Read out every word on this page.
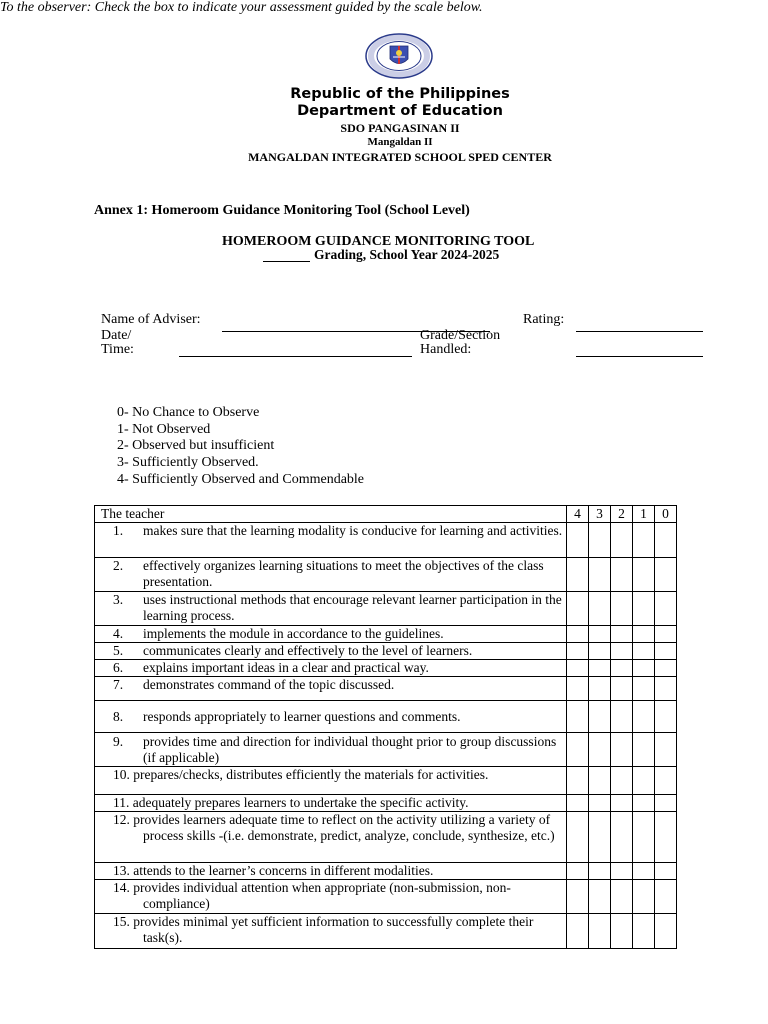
Republic of the Philippines
Department of Education
SDO PANGASINAN II
Mangaldan II
MANGALDAN INTEGRATED SCHOOL SPED CENTER
Annex 1: Homeroom Guidance Monitoring Tool (School Level)
HOMEROOM GUIDANCE MONITORING TOOL
Grading, School Year 2024-2025
Name of Adviser:	Rating:
Date/
Time:
Grade/Section
Handled:
To the observer: Check the box to indicate your assessment guided by the scale below.
0- No Chance to Observe
1- Not Observed
2- Observed but insufficient
3- Sufficiently Observed.
4- Sufficiently Observed and Commendable
The teacher	4	3	2	1	0

1. makes sure that the learning modality is conducive for learning and activities.					

2. effectively organizes learning situations to meet the objectives of the class presentation.					

3. uses instructional methods that encourage relevant learner participation in the learning process.					

4. implements the module in accordance to the guidelines.					

5. communicates clearly and effectively to the level of learners.					

6. explains important ideas in a clear and practical way.					

7. demonstrates command of the topic discussed.					

8. responds appropriately to learner questions and comments.					

9. provides time and direction for individual thought prior to group discussions (if applicable)					

10. prepares/checks, distributes efficiently the materials for activities.					

11. adequately prepares learners to undertake the specific activity.					

12. provides learners adequate time to reflect on the activity utilizing a variety of process skills -(i.e. demonstrate, predict, analyze, conclude, synthesize, etc.)					

13. attends to the learner’s concerns in different modalities.					

14. provides individual attention when appropriate (non-submission, non-compliance)					

15. provides minimal yet sufficient information to successfully complete their task(s).					
